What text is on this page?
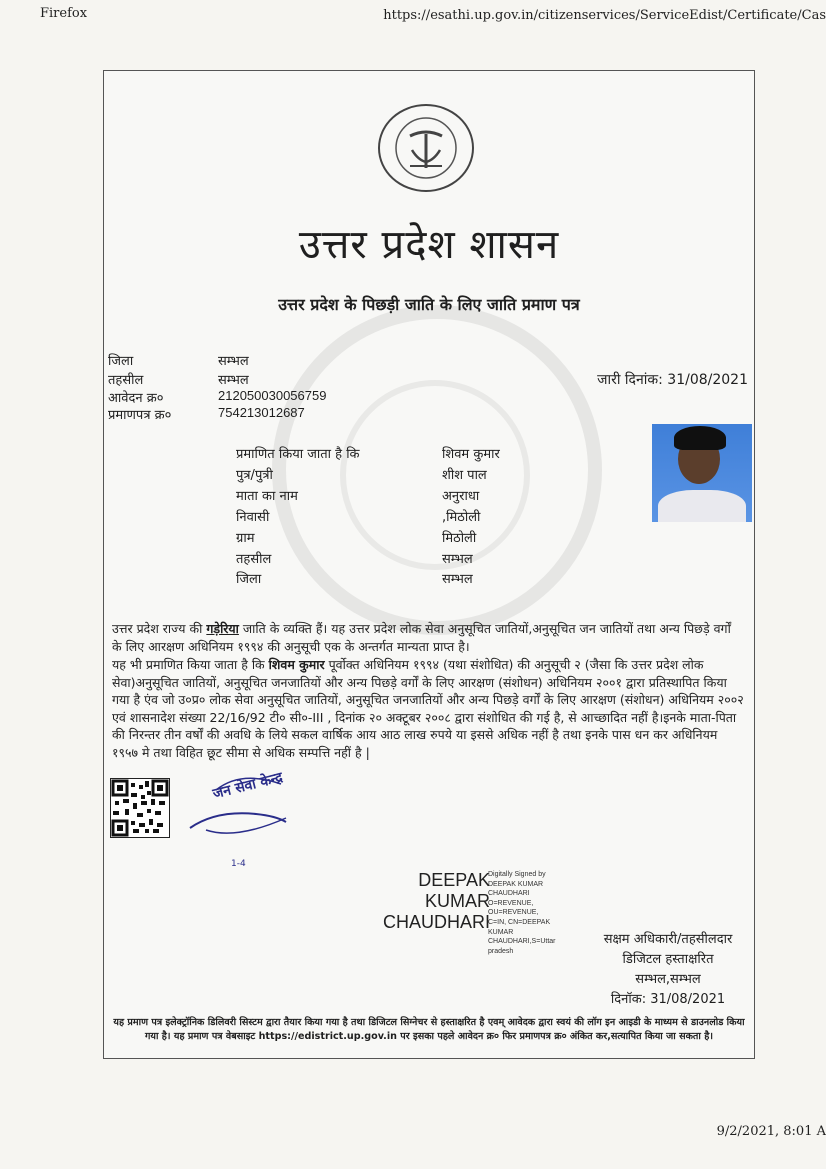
Firefox	https://esathi.up.gov.in/citizenservices/ServiceEdist/Certificate/Cas
उत्तर प्रदेश शासन
उत्तर प्रदेश के पिछड़ी जाति के लिए जाति प्रमाण पत्र
जिला	सम्भल
तहसील	सम्भल
आवेदन क्र०	212050030056759
प्रमाणपत्र क्र०	754213012687
जारी दिनांक: 31/08/2021
प्रमाणित किया जाता है कि	शिवम कुमार
पुत्र/पुत्री	शीश पाल
माता का नाम	अनुराधा
निवासी	,मिठोली
ग्राम	मिठोली
तहसील	सम्भल
जिला	सम्भल

उत्तर प्रदेश राज्य की गड़ेरिया जाति के व्यक्ति हैं। यह उत्तर प्रदेश लोक सेवा अनुसूचित जातियों,अनुसूचित जन जातियों तथा अन्य पिछड़े वर्गों के लिए आरक्षण अधिनियम १९९४ की अनुसूची एक के अन्तर्गत मान्यता प्राप्त है।

यह भी प्रमाणित किया जाता है कि शिवम कुमार पूर्वोक्त अधिनियम १९९४ (यथा संशोधित) की अनुसूची २ (जैसा कि उत्तर प्रदेश लोक सेवा)अनुसूचित जातियों, अनुसूचित जनजातियों और अन्य पिछड़े वर्गों के लिए आरक्षण (संशोधन) अधिनियम २००१ द्वारा प्रतिस्थापित किया गया है एंव जो उ०प्र० लोक सेवा अनुसूचित जातियों, अनुसूचित जनजातियों और अन्य पिछड़े वर्गों के लिए आरक्षण (संशोधन) अधिनियम २००२ एवं शासनादेश संख्या 22/16/92 टी० सी०-III , दिनांक २० अक्टूबर २००८ द्वारा संशोधित की गई है, से आच्छादित नहीं है।इनके माता-पिता की निरन्तर तीन वर्षों की अवधि के लिये सकल वार्षिक आय आठ लाख रुपये या इससे अधिक नहीं है तथा इनके पास धन कर अधिनियम १९५७ मे तथा विहित छूट सीमा से अधिक सम्पत्ति नहीं है |

1-4
जन सेवा केन्द्र
DEEPAK
KUMAR
CHAUDHARI
Digitally Signed by
DEEPAK KUMAR
CHAUDHARI
O=REVENUE,
OU=REVENUE,
C=IN, CN=DEEPAK
KUMAR
CHAUDHARI,S=Uttar
pradesh
सक्षम अधिकारी/तहसीलदार
डिजिटल हस्ताक्षरित
सम्भल,सम्भल
दिनॉक: 31/08/2021
यह प्रमाण पत्र इलेक्ट्रॉनिक डिलिवरी सिस्टम द्वारा तैयार किया गया है तथा डिजिटल सिग्नेचर से हस्ताक्षरित है एवम् आवेदक द्वारा स्वयं की लॉग इन आइडी के माध्यम से डाउनलोड किया गया है। यह प्रमाण पत्र वेबसाइट https://edistrict.up.gov.in पर इसका पहले आवेदन क्र० फिर प्रमाणपत्र क्र० अंकित कर,सत्यापित किया जा सकता है।
9/2/2021, 8:01 A
